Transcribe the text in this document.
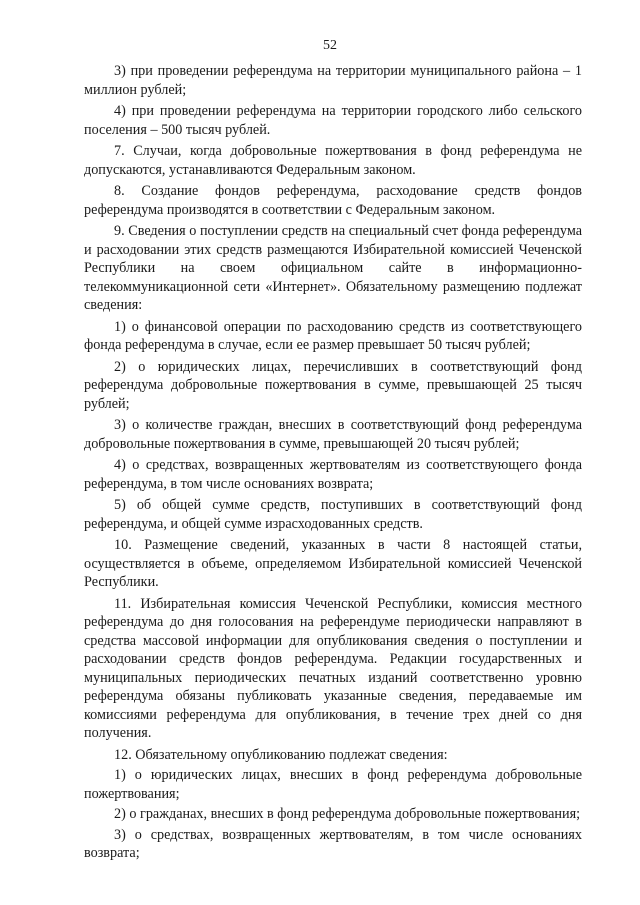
52

3) при проведении референдума на территории муниципального района – 1 миллион рублей;

4) при проведении референдума на территории городского либо сельского поселения – 500 тысяч рублей.

7. Случаи, когда добровольные пожертвования в фонд референдума не допускаются, устанавливаются Федеральным законом.

8. Создание фондов референдума, расходование средств фондов референдума производятся в соответствии с Федеральным законом.

9. Сведения о поступлении средств на специальный счет фонда референдума и расходовании этих средств размещаются Избирательной комиссией Чеченской Республики на своем официальном сайте в информационно-телекоммуникационной сети «Интернет». Обязательному размещению подлежат сведения:

1) о финансовой операции по расходованию средств из соответствующего фонда референдума в случае, если ее размер превышает 50 тысяч рублей;

2) о юридических лицах, перечисливших в соответствующий фонд референдума добровольные пожертвования в сумме, превышающей 25 тысяч рублей;

3) о количестве граждан, внесших в соответствующий фонд референдума добровольные пожертвования в сумме, превышающей 20 тысяч рублей;

4) о средствах, возвращенных жертвователям из соответствующего фонда референдума, в том числе основаниях возврата;

5) об общей сумме средств, поступивших в соответствующий фонд референдума, и общей сумме израсходованных средств.

10. Размещение сведений, указанных в части 8 настоящей статьи, осуществляется в объеме, определяемом Избирательной комиссией Чеченской Республики.

11. Избирательная комиссия Чеченской Республики, комиссия местного референдума до дня голосования на референдуме периодически направляют в средства массовой информации для опубликования сведения о поступлении и расходовании средств фондов референдума. Редакции государственных и муниципальных периодических печатных изданий соответственно уровню референдума обязаны публиковать указанные сведения, передаваемые им комиссиями референдума для опубликования, в течение трех дней со дня получения.

12. Обязательному опубликованию подлежат сведения:

1) о юридических лицах, внесших в фонд референдума добровольные пожертвования;

2) о гражданах, внесших в фонд референдума добровольные пожертвования;

3) о средствах, возвращенных жертвователям, в том числе основаниях возврата;
